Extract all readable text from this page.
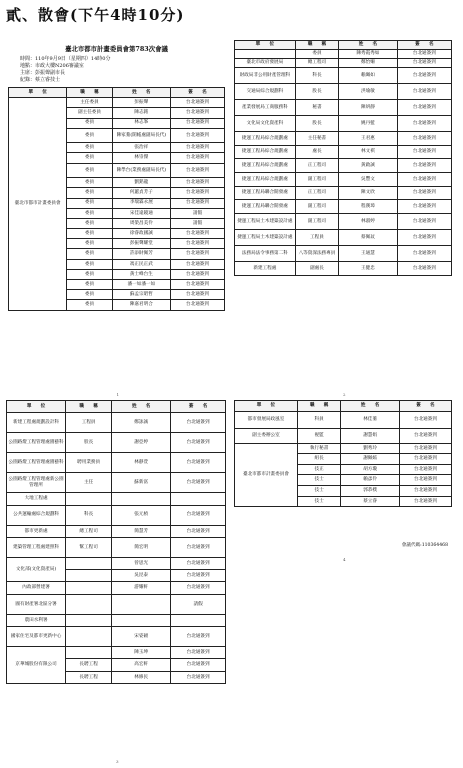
貳、散會(下午4時10分)
臺北市都市計畫委員會第783次會議
時間：110年9月9日（星期四）14時0分
地點：市政大樓N206審議室
主席：彭振聲副市長
紀錄：蔡立睿技士
單　　位	職　　稱	姓　　名	簽　　名
臺北市都市計畫委員會	主任委員	彭振聲	台北通簽到
	副主任委員	陳志銘	台北通簽到
	委員	林志峯	台北通簽到
	委員	陳家蓁(開帳處副局長代)	台北通簽到
	委員	張治祥	台北通簽到
	委員	林崇傑	台北通簽到
	委員	陳學台(業務處副局長代)	台北通簽到
	委員	劉銘龍	台北通簽到
	委員	何蕙貞芳子	台北通簽到
	委員	李瑞霖永展	台北通簽到
	委員	宋佳遠鏡通	請假
	委員	周榮昌美伶	請假
	委員	徐睿政國誠	台北通簽到
	委員	彭振聲耀堂	台北通簽到
	委員	許添財佩芳	台北通簽到
	委員	馮正民正武	台北通簽到
	委員	黃士峰台生	台北通簽到
	委員	潘一如潘一如	台北通簽到
	委員	蘇孟宗昭哲	台北通簽到
	委員	陳嘉君明合	台北通簽到
1
單　　位	職　　稱	姓　　名	簽　　名
	委員	陳秀霞秀如	台北通簽到
臺北市政府發展局	總工程司	鄭怡姍	台北通簽到
財政局非公用財產管理科	科長	賴珮如	台北通簽到
交通局綜合規劃科	股長	洪瑜敏	台北通簽到
產業發展局工商服務科	秘書	陳妍靜	台北通簽到
文化局文化資產科	股長	姚丹藍	台北通簽到
捷運工程局綜合規劃處	主任秘書	王君惠	台北通簽到
捷運工程局綜合規劃處	處長	林文祺	台北通簽到
捷運工程局綜合規劃處	正工程司	黃啟誠	台北通簽到
捷運工程局綜合規劃處	副工程司	吳豐文	台北通簽到
捷運工程局聯合開發處	正工程司	陳文欣	台北通簽到
捷運工程局聯合開發處	副工程司	程漢璋	台北通簽到
捷運工程局土木建築設計處	副工程司	林淑婷	台北通簽到
捷運工程局土木建築設計處	工程員	蔡佩玟	台北通簽到
法務局法令事務第二科	八等資深法務專員	王通慧	台北通簽到
新建工程處	副處長	王健忠	台北通簽到
2
單　　位	職　　稱	姓　　名	簽　　名
新建工程處規劃設計科	工程員	鄭詠誠	台北通簽到
公園路燈工程管理處園藝科	股長	謝亞婷	台北通簽到
公園路燈工程管理處園藝科	聘用業務員	林靜萱	台北通簽到
公園路燈工程管理處新公園管理所	主任	蘇新富	台北通簽到
大地工程處			
公共運輸處綜合規劃科	科長	張元楨	台北通簽到
都市更新處	總工程司	簡慧芳	台北通簽到
建築管理工程處建照科	幫工程司	簡宏明	台北通簽到
文化部(文化資產局)		曾思光	台北通簽到
		吳昆泰	台北通簽到
內政部營建署		游耀軒	台北通簽到
國有財產署北區分署			請假
農田水利署			
國家住宅及都市更新中心		宋姿穎	台北通簽到
京華城股份有限公司		陳玉坤	台北通簽到
	長聘工程	高宏軒	台北通簽到
	長聘工程	林修民	台北通簽到
3
單　　位	職　　稱	姓　　名	簽　　名
都市發展局政風室	科員	林佳蓁	台北通簽到
副主委辦公室	視監	謝慧娟	台北通簽到
臺北市都市計畫委員會	執行秘書	劉秀玲	台北通簽到
	組長	謝佩嫣	台北通簽到
	技正	胡方瓊	台北通簽到
	技士	賴彥伶	台北通簽到
	技士	郭恭樸	台北通簽到
	技士	蔡立睿	台北通簽到
會議代碼:110364468
4
